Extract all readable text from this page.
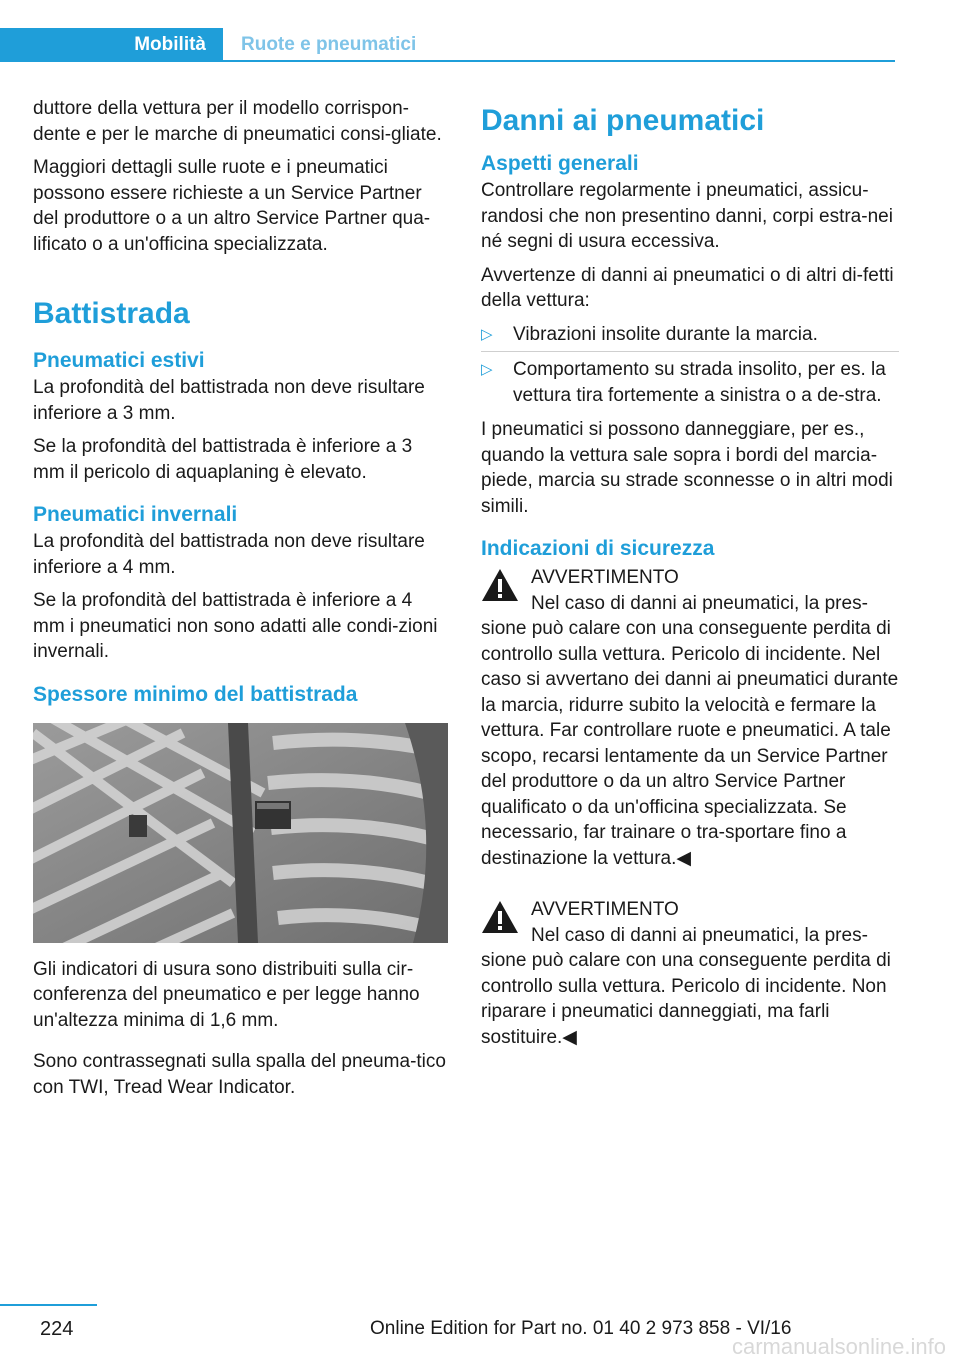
Mobilità	Ruote e pneumatici

duttore della vettura per il modello corrispon-dente e per le marche di pneumatici consi-gliate.

Maggiori dettagli sulle ruote e i pneumatici possono essere richieste a un Service Partner del produttore o a un altro Service Partner qua-lificato o a un'officina specializzata.

Battistrada
Pneumatici estivi

La profondità del battistrada non deve risultare inferiore a 3 mm.

Se la profondità del battistrada è inferiore a 3 mm il pericolo di aquaplaning è elevato.

Pneumatici invernali

La profondità del battistrada non deve risultare inferiore a 4 mm.

Se la profondità del battistrada è inferiore a 4 mm i pneumatici non sono adatti alle condi-zioni invernali.

Spessore minimo del battistrada

Gli indicatori di usura sono distribuiti sulla cir-conferenza del pneumatico e per legge hanno un'altezza minima di 1,6 mm.

Sono contrassegnati sulla spalla del pneuma-tico con TWI, Tread Wear Indicator.

Danni ai pneumatici
Aspetti generali

Controllare regolarmente i pneumatici, assicu-randosi che non presentino danni, corpi estra-nei né segni di usura eccessiva.

Avvertenze di danni ai pneumatici o di altri di-fetti della vettura:

▷ Vibrazioni insolite durante la marcia.
▷ Comportamento su strada insolito, per es. la vettura tira fortemente a sinistra o a de-stra.

I pneumatici si possono danneggiare, per es., quando la vettura sale sopra i bordi del marcia-piede, marcia su strade sconnesse o in altri modi simili.

Indicazioni di sicurezza
AVVERTIMENTO
Nel caso di danni ai pneumatici, la pres-
sione può calare con una conseguente perdita di controllo sulla vettura. Pericolo di incidente. Nel caso si avvertano dei danni ai pneumatici durante la marcia, ridurre subito la velocità e fermare la vettura. Far controllare ruote e pneumatici. A tale scopo, recarsi lentamente da un Service Partner del produttore o da un altro Service Partner qualificato o da un'officina specializzata. Se necessario, far trainare o tra-sportare fino a destinazione la vettura.◀
AVVERTIMENTO
Nel caso di danni ai pneumatici, la pres-
sione può calare con una conseguente perdita di controllo sulla vettura. Pericolo di incidente. Non riparare i pneumatici danneggiati, ma farli sostituire.◀
224	Online Edition for Part no. 01 40 2 973 858 - VI/16
carmanualsonline.info
